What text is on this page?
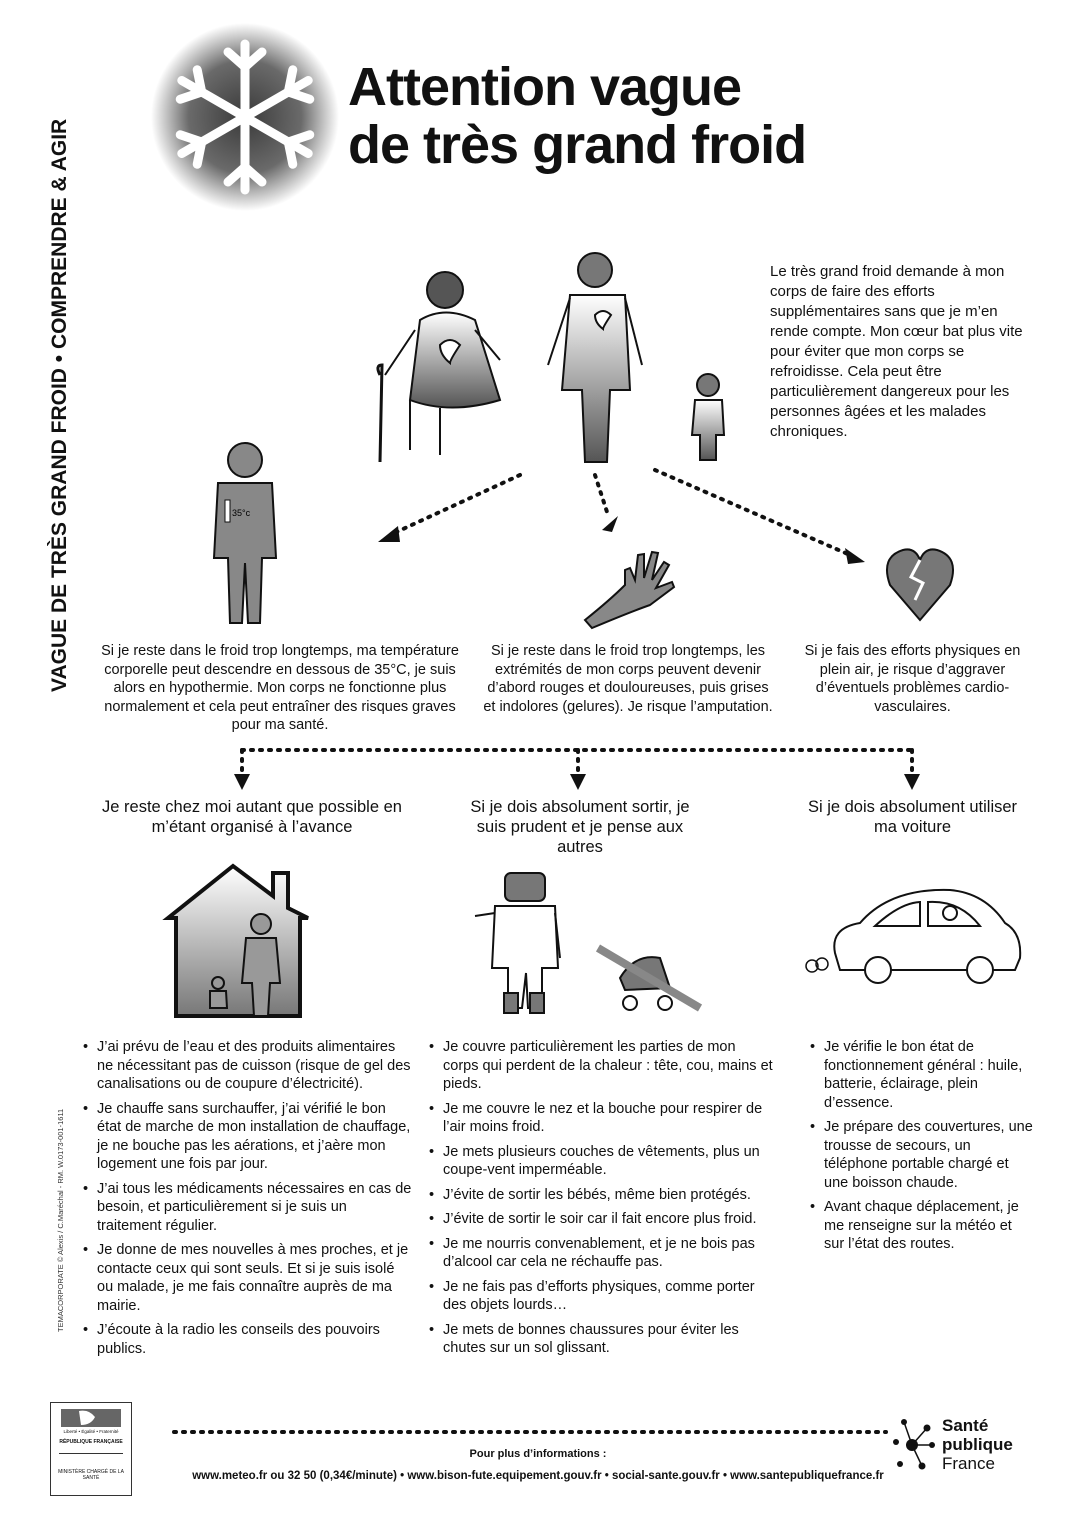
VAGUE DE TRÈS GRAND FROID • COMPRENDRE & AGIR
TEMACORPORATE © Alexis / C.Maréchal - RM. W.0173-001-1611
Attention vague
de très grand froid
Le très grand froid demande à mon corps de faire des efforts supplémentaires sans que je m’en rende compte. Mon cœur bat plus vite pour éviter que mon corps se refroidisse. Cela peut être particulièrement dangereux pour les personnes âgées et les malades chroniques.
35°c
Si je reste dans le froid trop longtemps, ma température corporelle peut descendre en dessous de 35°C, je suis alors en hypothermie. Mon corps ne fonctionne plus normalement et cela peut entraîner des risques graves pour ma santé.
Si je reste dans le froid trop longtemps, les extrémités de mon corps peuvent devenir d’abord rouges et douloureuses, puis grises et indolores (gelures). Je risque l’amputation.
Si je fais des efforts physiques en plein air, je risque d’aggraver d’éventuels problèmes cardio-vasculaires.
Je reste chez moi autant que possible en m’étant organisé à l’avance
Si je dois absolument sortir, je suis prudent et je pense aux autres
Si je dois absolument utiliser ma voiture
• J’ai prévu de l’eau et des produits alimentaires ne nécessitant pas de cuisson (risque de gel des canalisations ou de coupure d’électricité).
• Je chauffe sans surchauffer, j’ai vérifié le bon état de marche de mon installation de chauffage, je ne bouche pas les aérations, et j’aère mon logement une fois par jour.
• J’ai tous les médicaments nécessaires en cas de besoin, et particulièrement si je suis un traitement régulier.
• Je donne de mes nouvelles à mes proches, et je contacte ceux qui sont seuls. Et si je suis isolé ou malade, je me fais connaître auprès de ma mairie.
• J’écoute à la radio les conseils des pouvoirs publics.
• Je couvre particulièrement les parties de mon corps qui perdent de la chaleur : tête, cou, mains et pieds.
• Je me couvre le nez et la bouche pour respirer de l’air moins froid.
• Je mets plusieurs couches de vêtements, plus un coupe-vent imperméable.
• J’évite de sortir les bébés, même bien protégés.
• J’évite de sortir le soir car il fait encore plus froid.
• Je me nourris convenablement, et je ne bois pas d’alcool car cela ne réchauffe pas.
• Je ne fais pas d’efforts physiques, comme porter des objets lourds…
• Je mets de bonnes chaussures pour éviter les chutes sur un sol glissant.
• Je vérifie le bon état de fonctionnement général : huile, batterie, éclairage, plein d’essence.
• Je prépare des couvertures, une trousse de secours, un téléphone portable chargé et une boisson chaude.
• Avant chaque déplacement, je me renseigne sur la météo et sur l’état des routes.
Liberté • Égalité • Fraternité
RÉPUBLIQUE FRANÇAISE
MINISTÈRE CHARGÉ DE LA SANTÉ
Pour plus d’informations :
www.meteo.fr ou 32 50 (0,34€/minute) • www.bison-fute.equipement.gouv.fr • social-sante.gouv.fr • www.santepubliquefrance.fr
Santé
publique
France
